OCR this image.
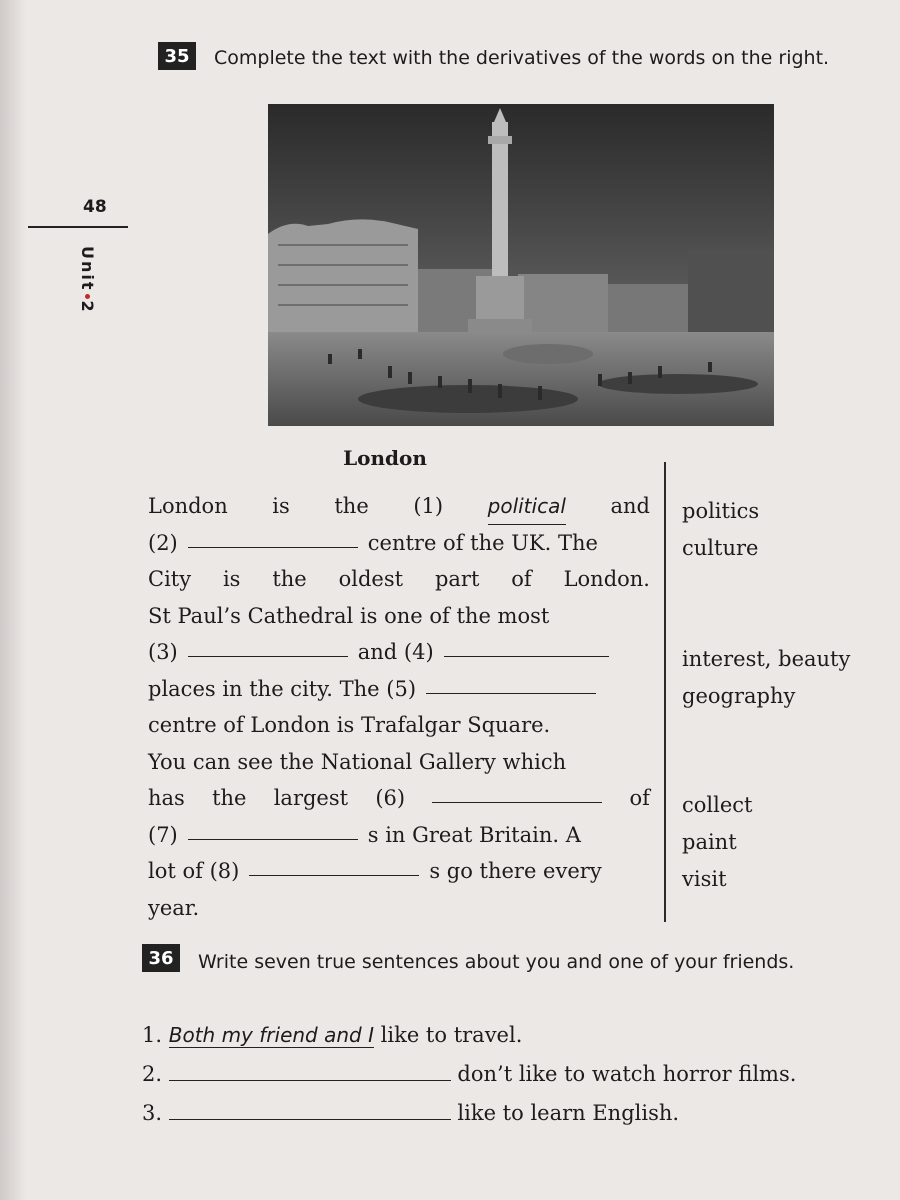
48
Unit2
35	Complete the text with the derivatives of the words on the right.
London
London is the (1) political and
(2)	centre of the UK. The
City is the oldest part of London.
St Paul’s Cathedral is one of the most
(3)	and (4)
places in the city. The (5)
centre of London is Trafalgar Square.
You can see the National Gallery which
has the largest (6)	of
(7)	s in Great Britain. A
lot of (8)	s go there every
year.
politics
culture
interest, beauty
geography
collect
paint
visit
36	Write seven true sentences about you and one of your friends.
1. Both my friend and I like to travel.
2.	don’t like to watch horror films.
3.	like to learn English.
